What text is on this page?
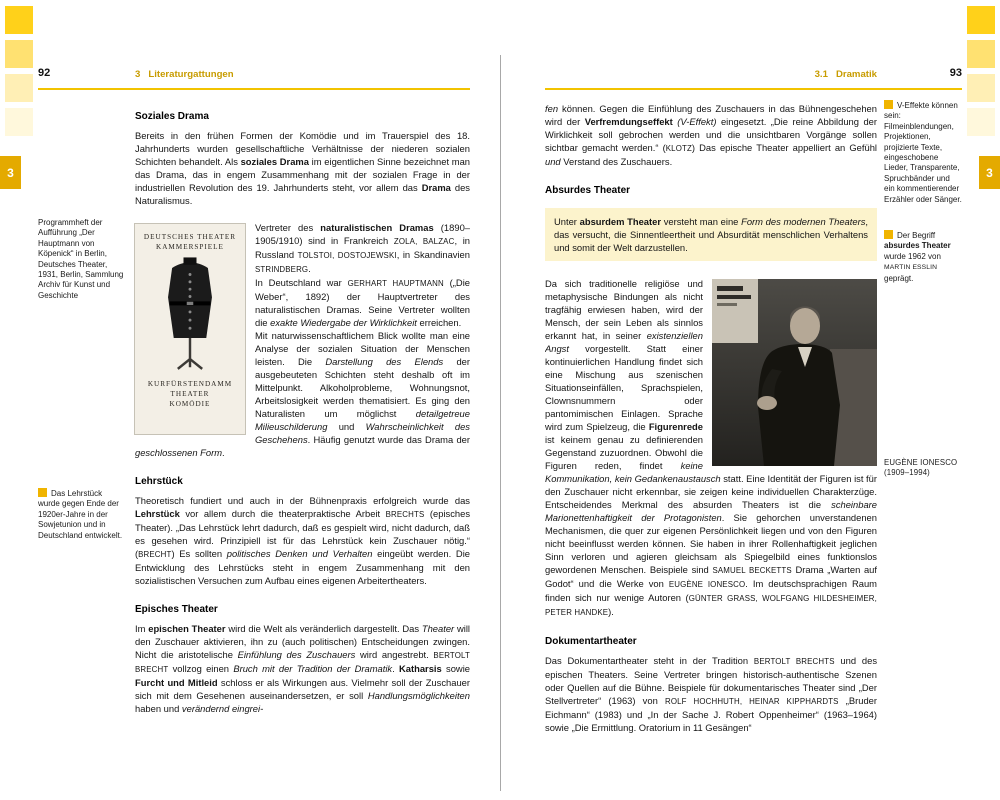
3	3
92	3 Literaturgattungen
Programmheft der Aufführung „Der Hauptmann von Köpenick“ in Berlin, Deutsches Theater, 1931, Berlin, Sammlung Archiv für Kunst und Geschichte
Das Lehrstück wurde gegen Ende der 1920er-Jahre in der Sowjetunion und in Deutschland entwickelt.
Soziales Drama

Bereits in den frühen Formen der Komödie und im Trauerspiel des 18. Jahrhunderts wurden gesellschaftliche Verhältnisse der niederen sozialen Schichten behandelt. Als soziales Drama im eigentlichen Sinne bezeichnet man das Drama, das in engem Zusammenhang mit der sozialen Frage in der industriellen Revolution des 19. Jahrhunderts steht, vor allem das Drama des Naturalismus.

DEUTSCHES THEATER
KAMMERSPIELE
KURFÜRSTENDAMM
THEATER
KOMÖDIE

Vertreter des naturalistischen Dramas (1890–1905/1910) sind in Frankreich ZOLA, BALZAC, in Russland TOLSTOI, DOSTOJEWSKI, in Skandinavien STRINDBERG.

In Deutschland war GERHART HAUPTMANN („Die Weber“, 1892) der Hauptvertreter des naturalistischen Dramas. Seine Vertreter wollten die exakte Wiedergabe der Wirklichkeit erreichen.

Mit naturwissenschaftlichem Blick wollte man eine Analyse der sozialen Situation der Menschen leisten. Die Darstellung des Elends der ausgebeuteten Schichten steht deshalb oft im Mittelpunkt. Alkoholprobleme, Wohnungsnot, Arbeitslosigkeit werden thematisiert. Es ging den Naturalisten um möglichst detailgetreue Milieuschilderung und Wahrscheinlichkeit des Geschehens. Häufig genutzt wurde das Drama der geschlossenen Form.

Lehrstück

Theoretisch fundiert und auch in der Bühnenpraxis erfolgreich wurde das Lehrstück vor allem durch die theaterpraktische Arbeit BRECHTS (episches Theater). „Das Lehrstück lehrt dadurch, daß es gespielt wird, nicht dadurch, daß es gesehen wird. Prinzipiell ist für das Lehrstück kein Zuschauer nötig.“ (BRECHT) Es sollten politisches Denken und Verhalten eingeübt werden. Die Entwicklung des Lehrstücks steht in engem Zusammenhang mit den sozialistischen Versuchen zum Aufbau eines eigenen Arbeitertheaters.

Episches Theater

Im epischen Theater wird die Welt als veränderlich dargestellt. Das Theater will den Zuschauer aktivieren, ihn zu (auch politischen) Entscheidungen zwingen. Nicht die aristotelische Einfühlung des Zuschauers wird angestrebt. BERTOLT BRECHT vollzog einen Bruch mit der Tradition der Dramatik. Katharsis sowie Furcht und Mitleid schloss er als Wirkungen aus. Vielmehr soll der Zuschauer sich mit dem Gesehenen auseinandersetzen, er soll Handlungsmöglichkeiten haben und verändernd eingrei-

3.1 Dramatik	93
V-Effekte können sein: Filmeinblendungen, Projektionen, projizierte Texte, eingeschobene Lieder, Transparente, Spruchbänder und ein kommentierender Erzähler oder Sänger.
Der Begriff absurdes Theater wurde 1962 von MARTIN ESSLIN geprägt.
EUGÈNE IONESCO (1909–1994)

fen können. Gegen die Einfühlung des Zuschauers in das Bühnengeschehen wird der Verfremdungseffekt (V-Effekt) eingesetzt. „Die reine Abbildung der Wirklichkeit soll gebrochen werden und die unsichtbaren Vorgänge sollen sichtbar gemacht werden.“ (KLOTZ) Das epische Theater appelliert an Gefühl und Verstand des Zuschauers.

Absurdes Theater
Unter absurdem Theater versteht man eine Form des modernen Theaters, das versucht, die Sinnentleertheit und Absurdität menschlichen Verhaltens und somit der Welt darzustellen.

Da sich traditionelle religiöse und metaphysische Bindungen als nicht tragfähig erwiesen haben, wird der Mensch, der sein Leben als sinnlos erkannt hat, in seiner existenziellen Angst vorgestellt. Statt einer kontinuierlichen Handlung findet sich eine Mischung aus szenischen Situationseinfällen, Sprachspielen, Clownsnummern oder pantomimischen Einlagen. Sprache wird zum Spielzeug, die Figurenrede ist keinem genau zu definierenden Gegenstand zuzuordnen. Obwohl die Figuren reden, findet keine Kommunikation, kein Gedankenaustausch statt. Eine Identität der Figuren ist für den Zuschauer nicht erkennbar, sie zeigen keine individuellen Charakterzüge. Entscheidendes Merkmal des absurden Theaters ist die scheinbare Marionettenhaftigkeit der Protagonisten. Sie gehorchen unverstandenen Mechanismen, die quer zur eigenen Persönlichkeit liegen und von den Figuren nicht beeinflusst werden können. Sie haben in ihrer Rollenhaftigkeit jeglichen Sinn verloren und agieren gleichsam als Spiegelbild eines funktionslos gewordenen Menschen. Beispiele sind SAMUEL BECKETTS Drama „Warten auf Godot“ und die Werke von EUGÈNE IONESCO. Im deutschsprachigen Raum finden sich nur wenige Autoren (GÜNTER GRASS, WOLFGANG HILDESHEIMER, PETER HANDKE).

Dokumentartheater

Das Dokumentartheater steht in der Tradition BERTOLT BRECHTS und des epischen Theaters. Seine Vertreter bringen historisch-authentische Szenen oder Quellen auf die Bühne. Beispiele für dokumentarisches Theater sind „Der Stellvertreter“ (1963) von ROLF HOCHHUTH, HEINAR KIPPHARDTS „Bruder Eichmann“ (1983) und „In der Sache J. Robert Oppenheimer“ (1963–1964) sowie „Die Ermittlung. Oratorium in 11 Gesängen“
